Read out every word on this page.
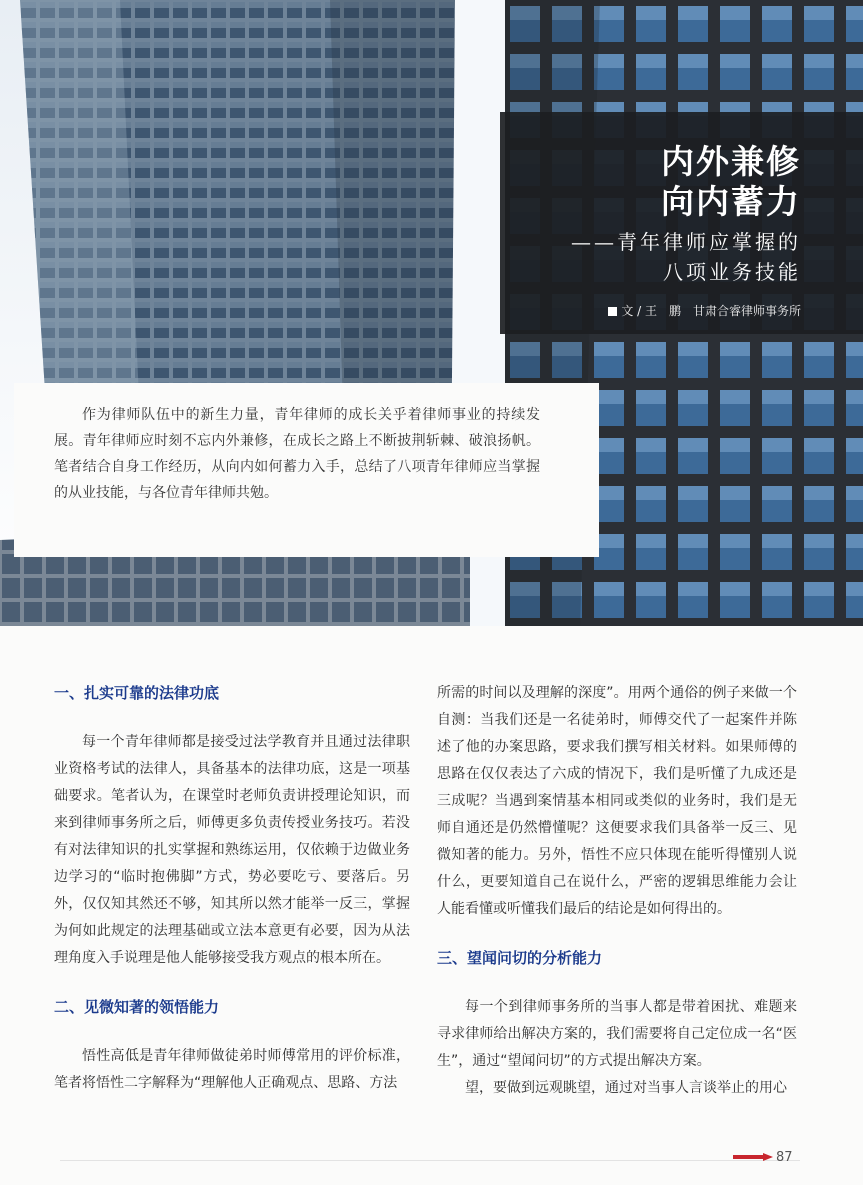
内外兼修
向内蓄力
——青年律师应掌握的
八项业务技能
文 / 王　鹏　甘肃合睿律师事务所
作为律师队伍中的新生力量，青年律师的成长关乎着律师事业的持续发展。青年律师应时刻不忘内外兼修，在成长之路上不断披荆斩棘、破浪扬帆。笔者结合自身工作经历，从向内如何蓄力入手，总结了八项青年律师应当掌握的从业技能，与各位青年律师共勉。

一、扎实可靠的法律功底

每一个青年律师都是接受过法学教育并且通过法律职业资格考试的法律人，具备基本的法律功底，这是一项基础要求。笔者认为，在课堂时老师负责讲授理论知识，而来到律师事务所之后，师傅更多负责传授业务技巧。若没有对法律知识的扎实掌握和熟练运用，仅依赖于边做业务边学习的“临时抱佛脚”方式，势必要吃亏、要落后。另外，仅仅知其然还不够，知其所以然才能举一反三，掌握为何如此规定的法理基础或立法本意更有必要，因为从法理角度入手说理是他人能够接受我方观点的根本所在。

二、见微知著的领悟能力

悟性高低是青年律师做徒弟时师傅常用的评价标准，笔者将悟性二字解释为“理解他人正确观点、思路、方法

所需的时间以及理解的深度”。用两个通俗的例子来做一个自测：当我们还是一名徒弟时，师傅交代了一起案件并陈述了他的办案思路，要求我们撰写相关材料。如果师傅的思路在仅仅表达了六成的情况下，我们是听懂了九成还是三成呢？当遇到案情基本相同或类似的业务时，我们是无师自通还是仍然懵懂呢？这便要求我们具备举一反三、见微知著的能力。另外，悟性不应只体现在能听得懂别人说什么，更要知道自己在说什么，严密的逻辑思维能力会让人能看懂或听懂我们最后的结论是如何得出的。

三、望闻问切的分析能力

每一个到律师事务所的当事人都是带着困扰、难题来寻求律师给出解决方案的，我们需要将自己定位成一名“医生”，通过“望闻问切”的方式提出解决方案。

望，要做到远观眺望，通过对当事人言谈举止的用心

87
